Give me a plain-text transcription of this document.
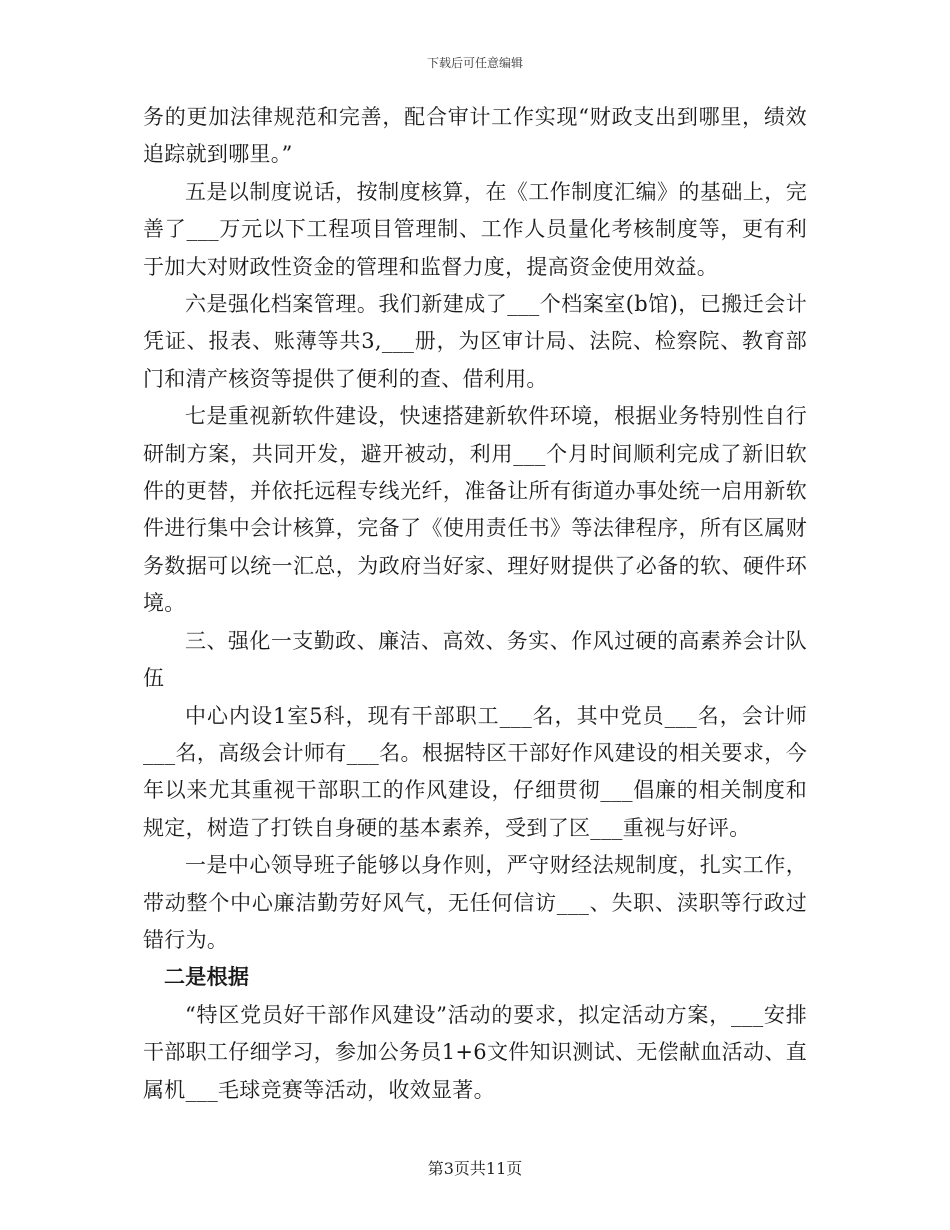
下载后可任意编辑

务的更加法律规范和完善，配合审计工作实现“财政支出到哪里，绩效追踪就到哪里。”

五是以制度说话，按制度核算，在《工作制度汇编》的基础上，完善了___万元以下工程项目管理制、工作人员量化考核制度等，更有利于加大对财政性资金的管理和监督力度，提高资金使用效益。

六是强化档案管理。我们新建成了___个档案室(b馆)，已搬迁会计凭证、报表、账薄等共3,___册，为区审计局、法院、检察院、教育部门和清产核资等提供了便利的查、借利用。

七是重视新软件建设，快速搭建新软件环境，根据业务特别性自行研制方案，共同开发，避开被动，利用___个月时间顺利完成了新旧软件的更替，并依托远程专线光纤，准备让所有街道办事处统一启用新软件进行集中会计核算，完备了《使用责任书》等法律程序，所有区属财务数据可以统一汇总，为政府当好家、理好财提供了必备的软、硬件环境。

三、强化一支勤政、廉洁、高效、务实、作风过硬的高素养会计队伍

中心内设1室5科，现有干部职工___名，其中党员___名，会计师___名，高级会计师有___名。根据特区干部好作风建设的相关要求，今年以来尤其重视干部职工的作风建设，仔细贯彻___倡廉的相关制度和规定，树造了打铁自身硬的基本素养，受到了区___重视与好评。

一是中心领导班子能够以身作则，严守财经法规制度，扎实工作，带动整个中心廉洁勤劳好风气，无任何信访___、失职、渎职等行政过错行为。

二是根据

“特区党员好干部作风建设”活动的要求，拟定活动方案，___安排干部职工仔细学习，参加公务员1+6文件知识测试、无偿献血活动、直属机___毛球竞赛等活动，收效显著。

第3页共11页
